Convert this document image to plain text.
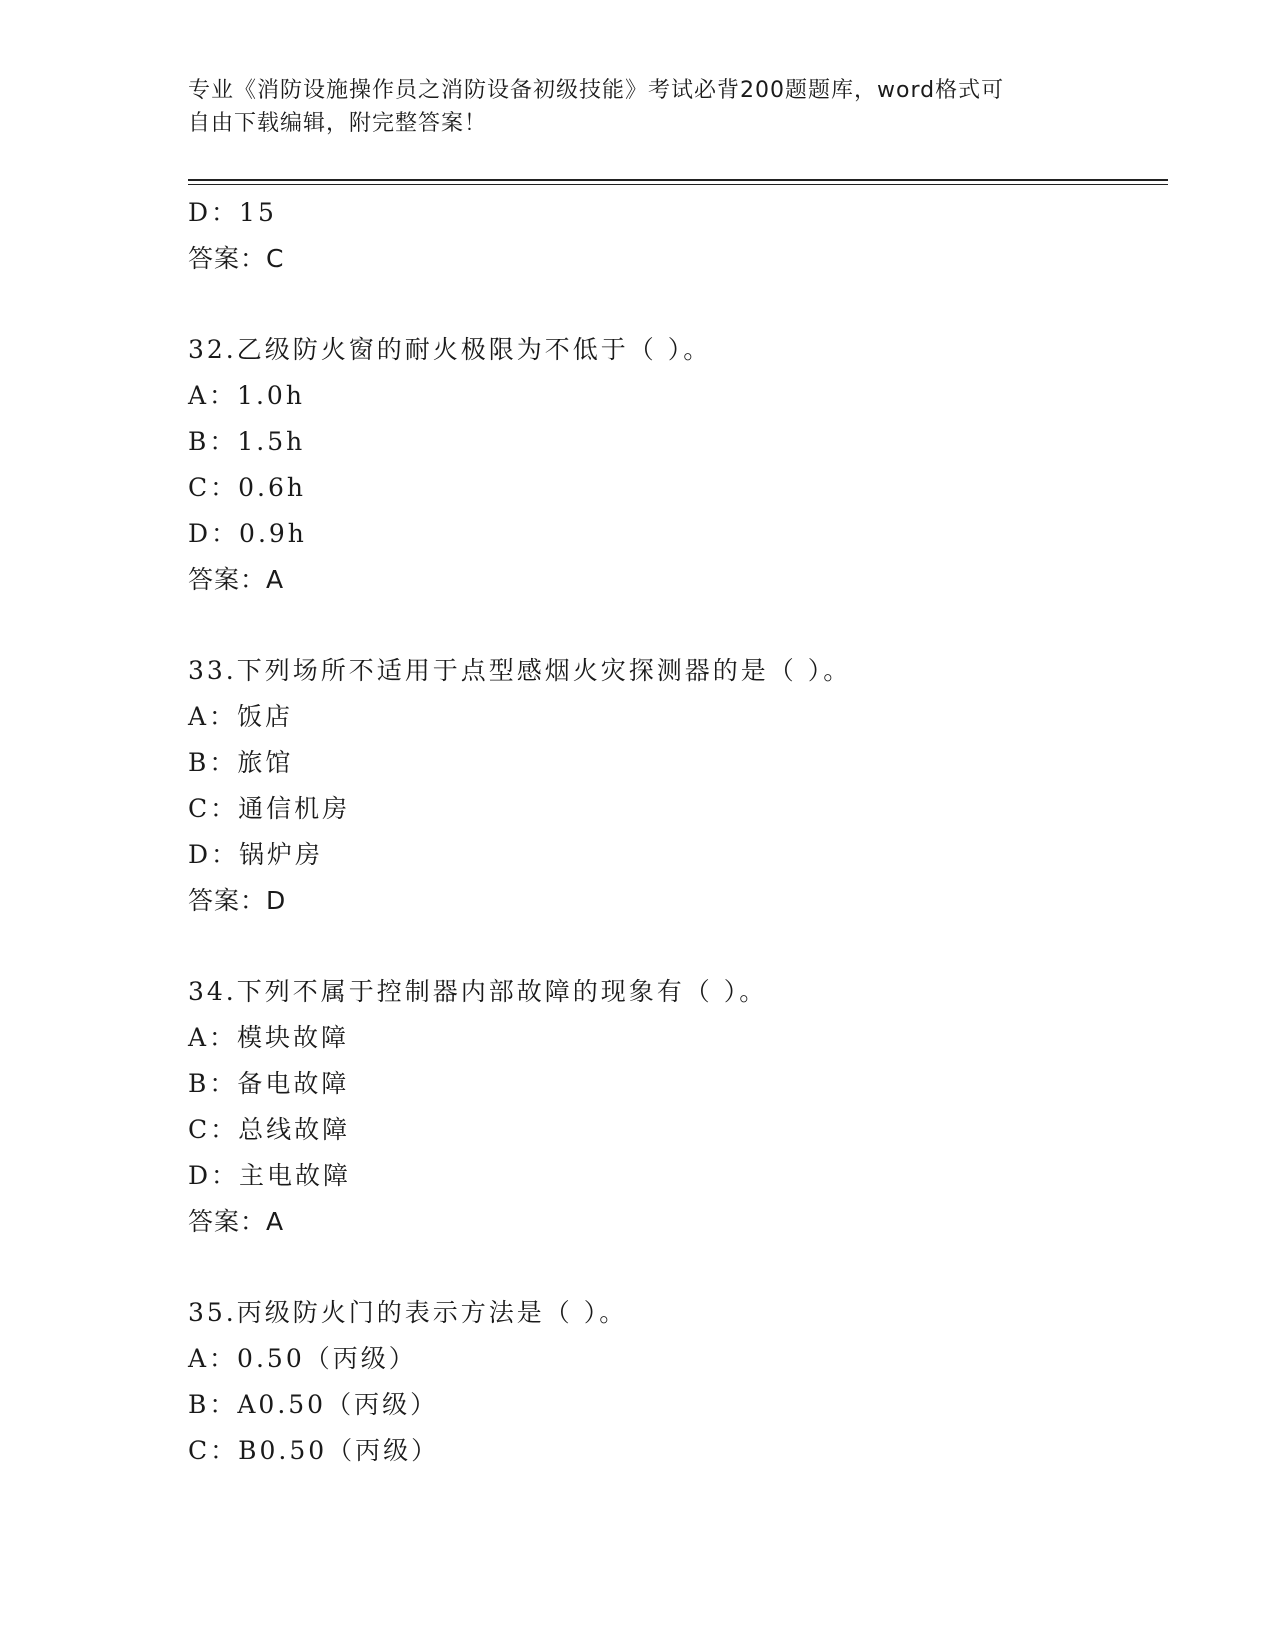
专业《消防设施操作员之消防设备初级技能》考试必背200题题库，word格式可
自由下载编辑，附完整答案！
D：15
答案：C
32.乙级防火窗的耐火极限为不低于（ ）。
A：1.0h
B：1.5h
C：0.6h
D：0.9h
答案：A
33.下列场所不适用于点型感烟火灾探测器的是（ ）。
A：饭店
B：旅馆
C：通信机房
D：锅炉房
答案：D
34.下列不属于控制器内部故障的现象有（ ）。
A：模块故障
B：备电故障
C：总线故障
D：主电故障
答案：A
35.丙级防火门的表示方法是（ ）。
A：0.50（丙级）
B：A0.50（丙级）
C：B0.50（丙级）
